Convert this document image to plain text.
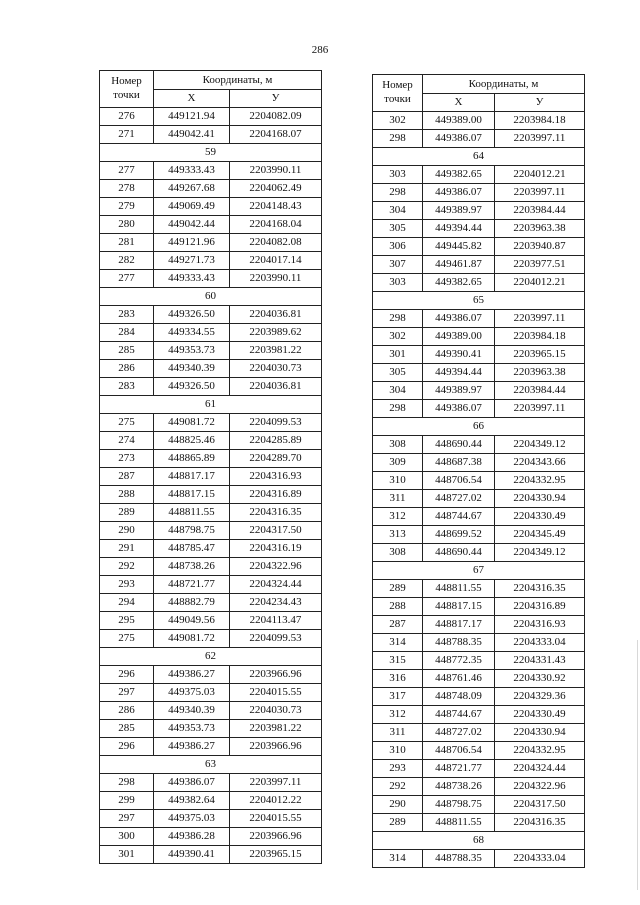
286
Номер
точки	Координаты, м	
	X	У
276	449121.94	2204082.09
271	449042.41	2204168.07
59		
277	449333.43	2203990.11
278	449267.68	2204062.49
279	449069.49	2204148.43
280	449042.44	2204168.04
281	449121.96	2204082.08
282	449271.73	2204017.14
277	449333.43	2203990.11
60		
283	449326.50	2204036.81
284	449334.55	2203989.62
285	449353.73	2203981.22
286	449340.39	2204030.73
283	449326.50	2204036.81
61		
275	449081.72	2204099.53
274	448825.46	2204285.89
273	448865.89	2204289.70
287	448817.17	2204316.93
288	448817.15	2204316.89
289	448811.55	2204316.35
290	448798.75	2204317.50
291	448785.47	2204316.19
292	448738.26	2204322.96
293	448721.77	2204324.44
294	448882.79	2204234.43
295	449049.56	2204113.47
275	449081.72	2204099.53
62		
296	449386.27	2203966.96
297	449375.03	2204015.55
286	449340.39	2204030.73
285	449353.73	2203981.22
296	449386.27	2203966.96
63		
298	449386.07	2203997.11
299	449382.64	2204012.22
297	449375.03	2204015.55
300	449386.28	2203966.96
301	449390.41	2203965.15
Номер
точки	Координаты, м	
	X	У
302	449389.00	2203984.18
298	449386.07	2203997.11
64		
303	449382.65	2204012.21
298	449386.07	2203997.11
304	449389.97	2203984.44
305	449394.44	2203963.38
306	449445.82	2203940.87
307	449461.87	2203977.51
303	449382.65	2204012.21
65		
298	449386.07	2203997.11
302	449389.00	2203984.18
301	449390.41	2203965.15
305	449394.44	2203963.38
304	449389.97	2203984.44
298	449386.07	2203997.11
66		
308	448690.44	2204349.12
309	448687.38	2204343.66
310	448706.54	2204332.95
311	448727.02	2204330.94
312	448744.67	2204330.49
313	448699.52	2204345.49
308	448690.44	2204349.12
67		
289	448811.55	2204316.35
288	448817.15	2204316.89
287	448817.17	2204316.93
314	448788.35	2204333.04
315	448772.35	2204331.43
316	448761.46	2204330.92
317	448748.09	2204329.36
312	448744.67	2204330.49
311	448727.02	2204330.94
310	448706.54	2204332.95
293	448721.77	2204324.44
292	448738.26	2204322.96
290	448798.75	2204317.50
289	448811.55	2204316.35
68		
314	448788.35	2204333.04
